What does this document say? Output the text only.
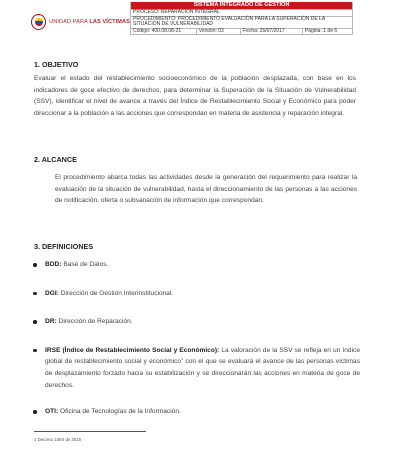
UNIDAD PARA LAS VÍCTIMAS
SISTEMA INTEGRADO DE GESTION
PROCESO: REPARACIÓN INTEGRAL
PROCEDIMIENTO: PROCEDIMIENTO EVALUACIÓN PARA LA SUPERACIÓN DE LA
SITUACIÓN DE VULNERABILIDAD
Código: 400.08.08-21	Versión: 03	Fecha: 25/07/2017	Página: 1 de 6
1. OBJETIVO

Evaluar el estado del restablecimiento socioeconómico de la población desplazada, con base en los indicadores de goce efectivo de derechos, para determinar la Superación de la Situación de Vulnerabilidad (SSV), identificar el nivel de avance a través del Índice de Restablecimiento Social y Económico para poder direccionar a la población a las acciones que correspondan en materia de asistencia y reparación integral.

2. ALCANCE

El procedimiento abarca todas las actividades desde la generación del requerimiento para realizar la evaluación de la situación de vulnerabilidad, hasta el direccionamiento de las personas a las acciones de notificación, oferta o subsanación de información que correspondan.

3. DEFINICIONES
BDD: Base de Datos.
DGI: Dirección de Gestión Interinstitucional.
DR: Dirección de Reparación.
IRSE (Índice de Restablecimiento Social y Económico): La valoración de la SSV se refleja en un índice global de restablecimiento social y económico$^1$ con el que se evaluará el avance de las personas víctimas de desplazamiento forzado hacia su estabilización y se direccionarán las acciones en materia de goce de derechos.
OTI: Oficina de Tecnologías de la Información.
1 Decreto 1084 de 2015
